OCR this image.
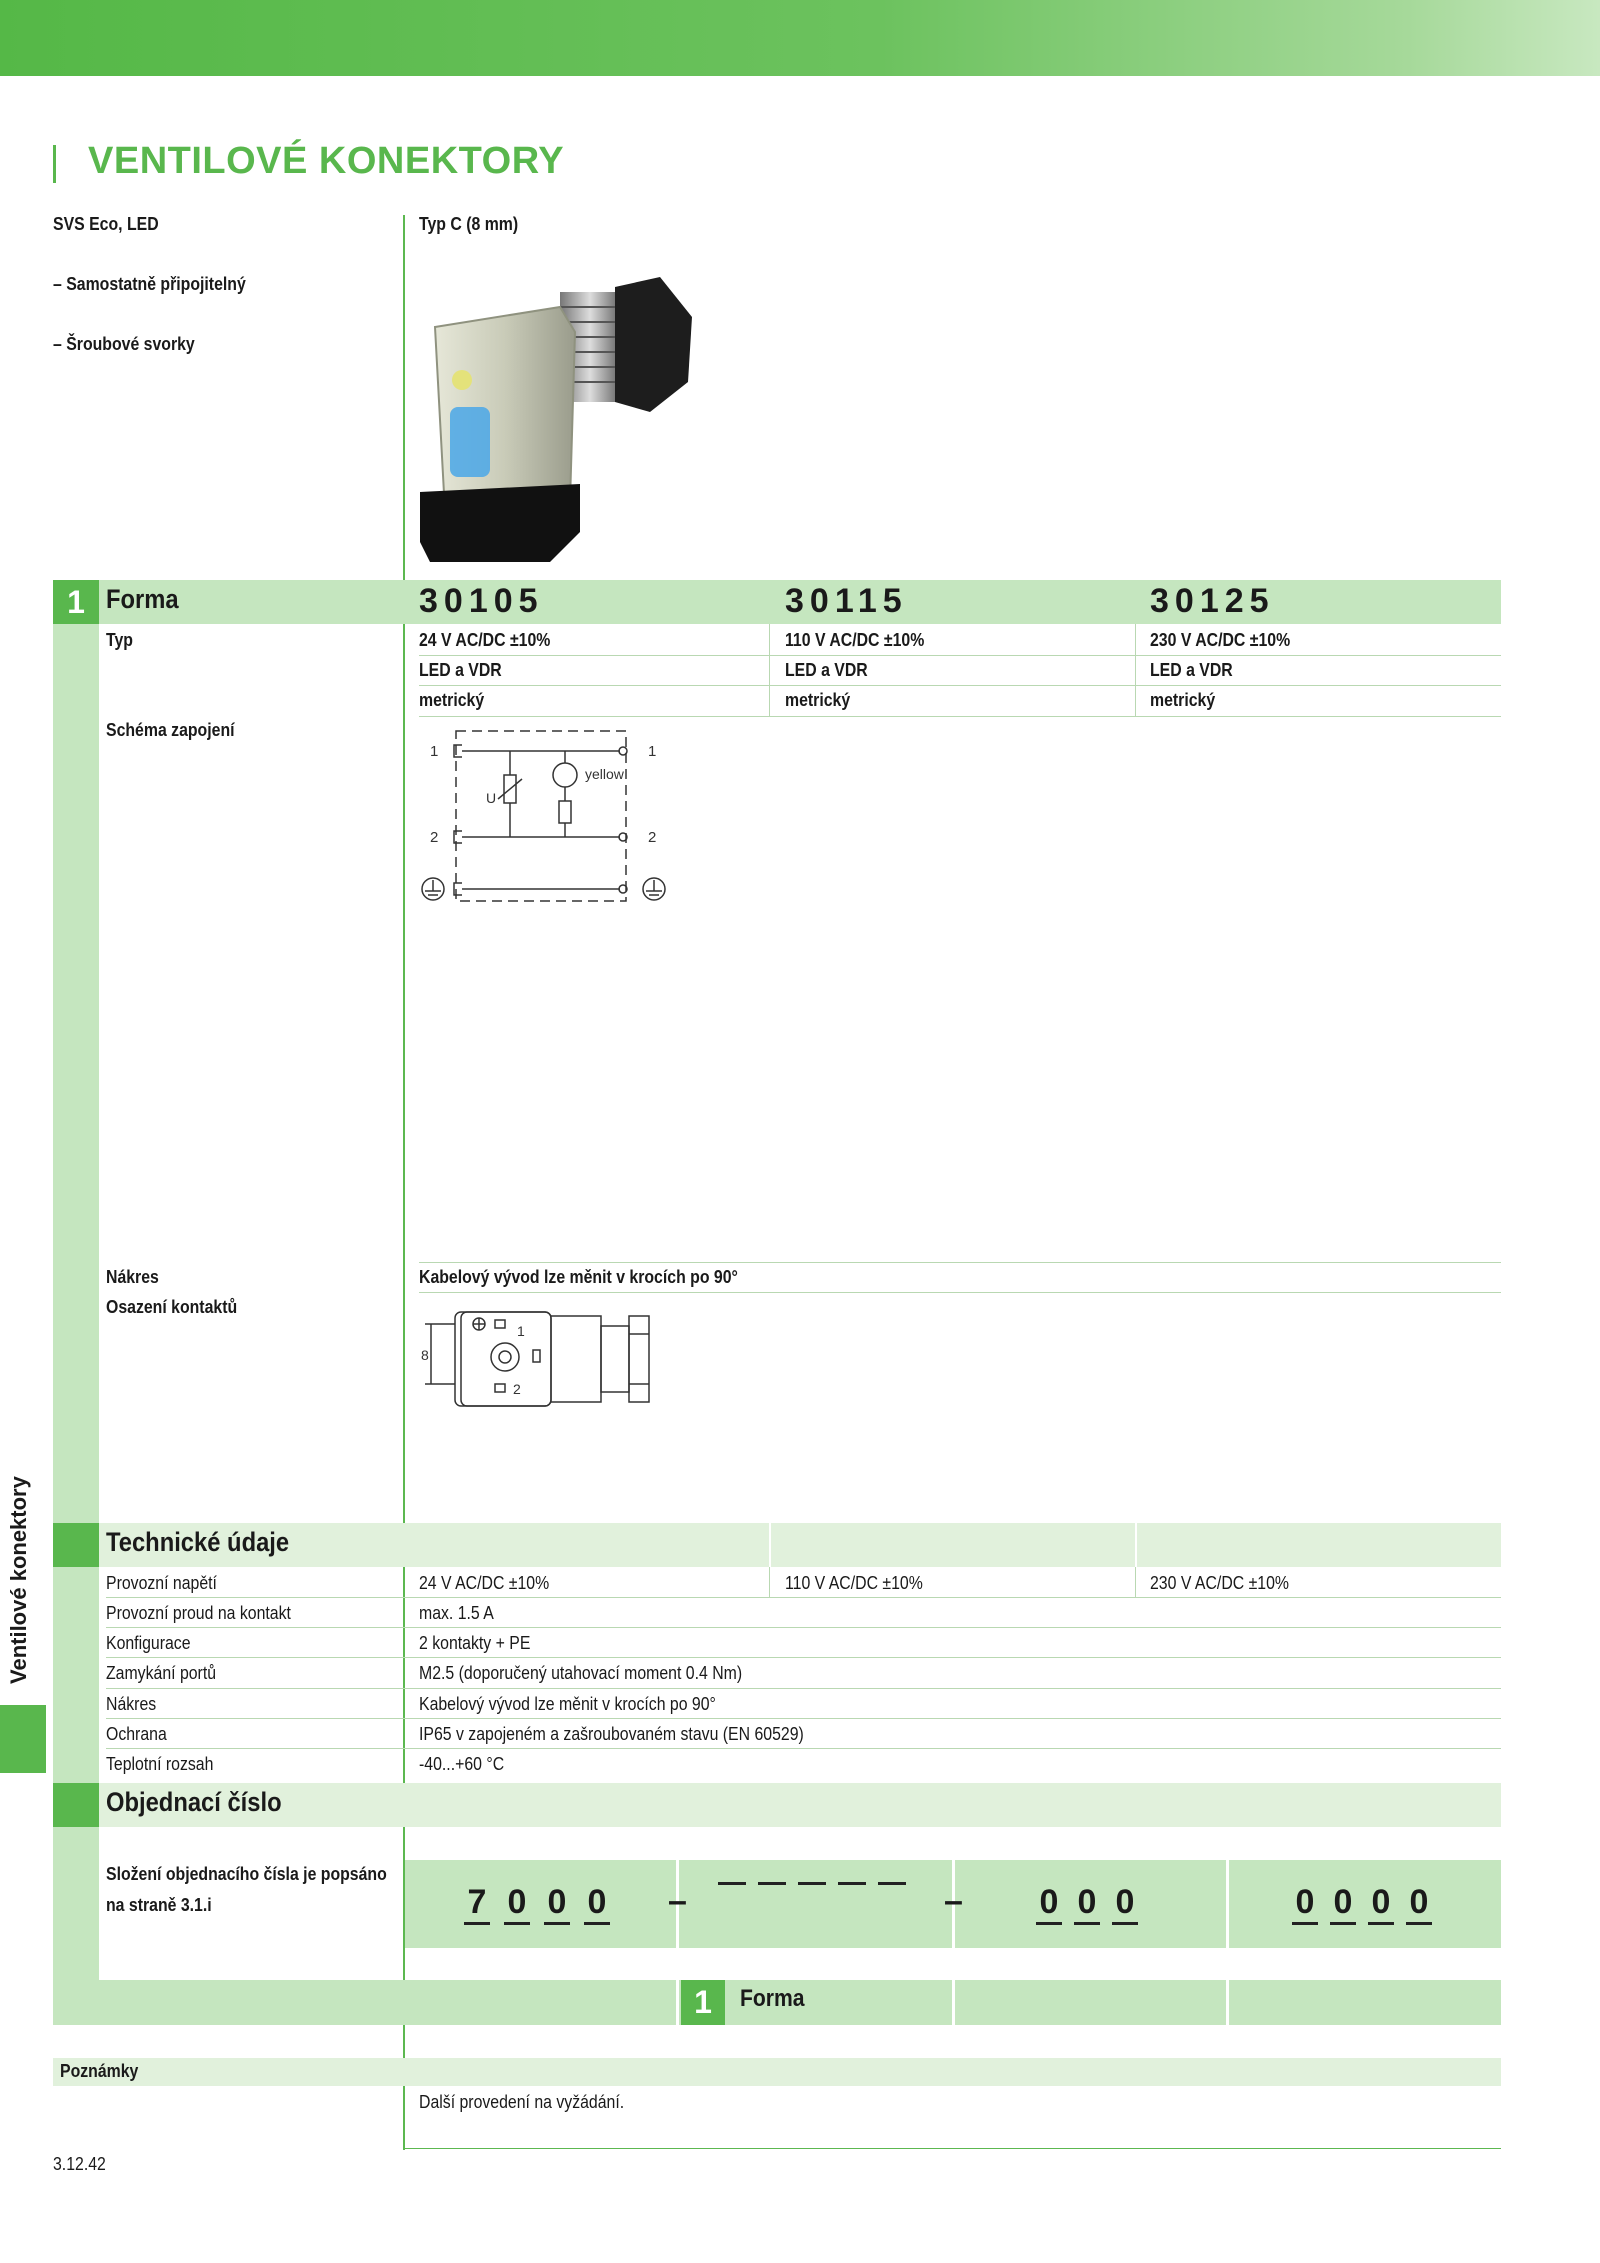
VENTILOVÉ KONEKTORY
SVS Eco, LED
– Samostatně připojitelný
– Šroubové svorky
Typ C (8 mm)
1 Forma	30105	30115	30125
Typ	24 V AC/DC ±10%	110 V AC/DC ±10%	230 V AC/DC ±10%
LED a VDR	LED a VDR	LED a VDR
metrický	metrický	metrický
Schéma zapojení
1
2
1
2
U
yellow
Nákres	Kabelový vývod lze měnit v krocích po 90°
Osazení kontaktů
8
1
2
Technické údaje
Provozní napětí	24 V AC/DC ±10%	110 V AC/DC ±10%	230 V AC/DC ±10%
Provozní proud na kontakt	max. 1.5 A
Konfigurace	2 kontakty + PE
Zamykání portů	M2.5 (doporučený utahovací moment 0.4 Nm)
Nákres	Kabelový vývod lze měnit v krocích po 90°
Ochrana	IP65 v zapojeném a zašroubovaném stavu (EN 60529)
Teplotní rozsah	-40...+60 °C
Objednací číslo
Složení objednacího čísla je popsáno
na straně 3.1.i	7 0 0 0 –	– 0 0 0	0 0 0 0
1	Forma
Poznámky
Další provedení na vyžádání.
3.12.42
Ventilové konektory
